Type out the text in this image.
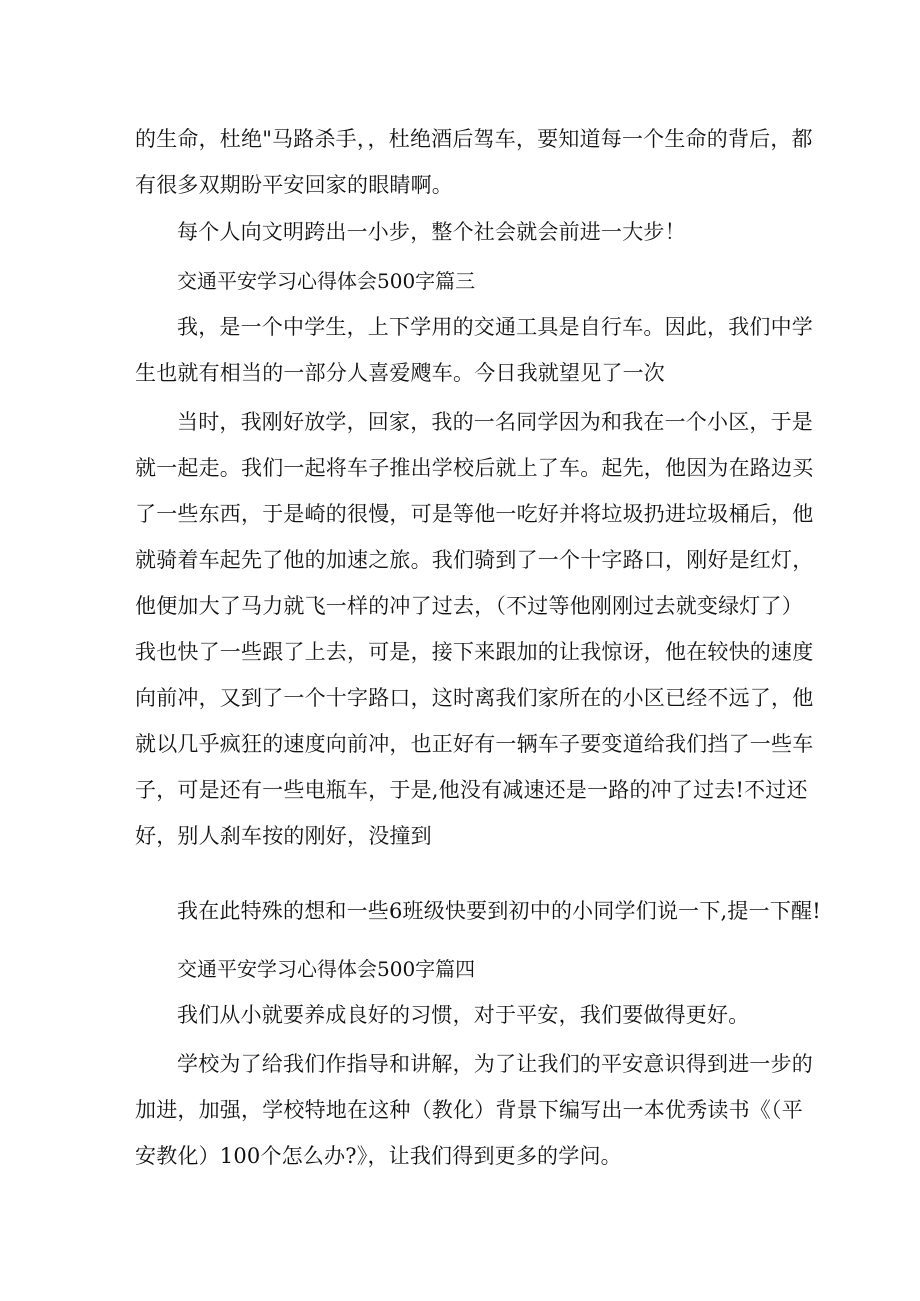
的生命，杜绝"马路杀手，，杜绝酒后驾车，要知道每一个生命的背后，都
有很多双期盼平安回家的眼睛啊。
每个人向文明跨出一小步，整个社会就会前进一大步！
交通平安学习心得体会500字篇三
我，是一个中学生，上下学用的交通工具是自行车。因此，我们中学
生也就有相当的一部分人喜爱飕车。今日我就望见了一次
当时，我刚好放学，回家，我的一名同学因为和我在一个小区，于是
就一起走。我们一起将车子推出学校后就上了车。起先，他因为在路边买
了一些东西，于是崎的很慢，可是等他一吃好并将垃圾扔进垃圾桶后，他
就骑着车起先了他的加速之旅。我们骑到了一个十字路口，刚好是红灯，
他便加大了马力就飞一样的冲了过去，（不过等他刚刚过去就变绿灯了）
我也快了一些跟了上去，可是，接下来跟加的让我惊讶，他在较快的速度
向前冲，又到了一个十字路口，这时离我们家所在的小区已经不远了，他
就以几乎疯狂的速度向前冲，也正好有一辆车子要变道给我们挡了一些车
子，可是还有一些电瓶车，于是,他没有减速还是一路的冲了过去!不过还
好，别人刹车按的刚好，没撞到
我在此特殊的想和一些6班级快要到初中的小同学们说一下,提一下醒!
交通平安学习心得体会500字篇四
我们从小就要养成良好的习惯，对于平安，我们要做得更好。
学校为了给我们作指导和讲解，为了让我们的平安意识得到进一步的
加进，加强，学校特地在这种（教化）背景下编写出一本优秀读书《（平
安教化）100个怎么办?》，让我们得到更多的学问。
